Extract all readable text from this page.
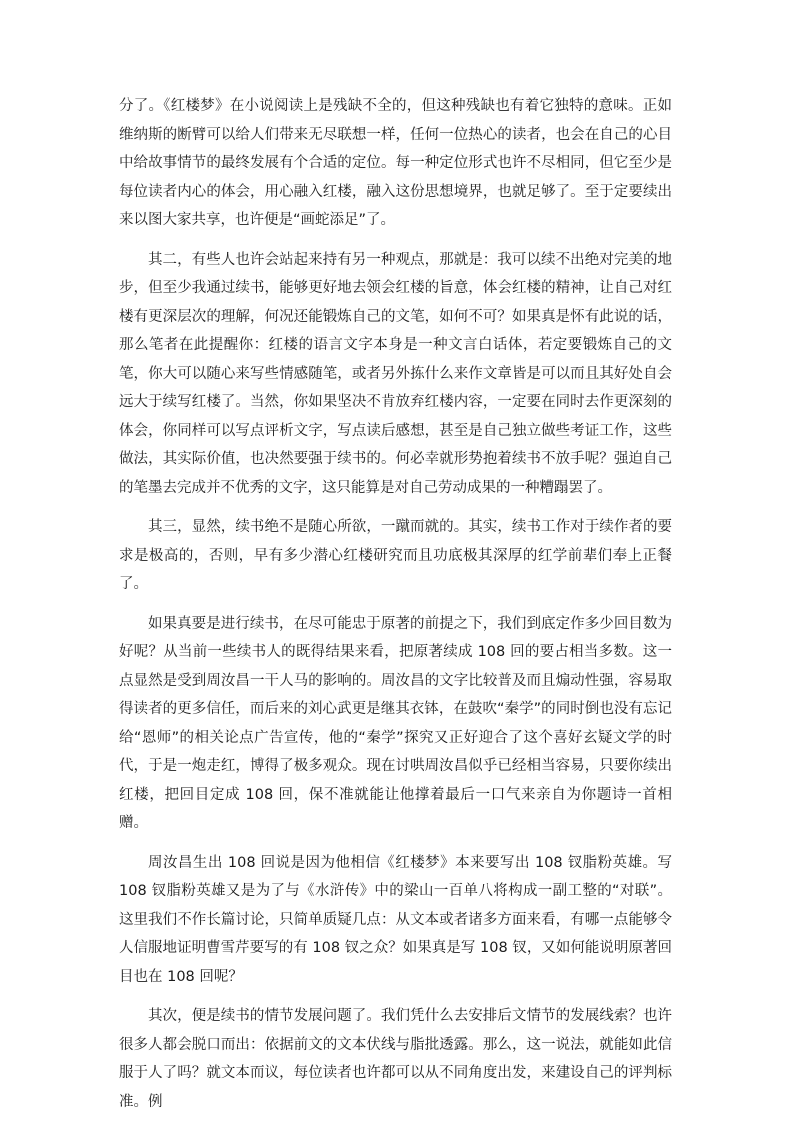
分了。《红楼梦》在小说阅读上是残缺不全的，但这种残缺也有着它独特的意味。正如维纳斯的断臂可以给人们带来无尽联想一样，任何一位热心的读者，也会在自己的心目中给故事情节的最终发展有个合适的定位。每一种定位形式也许不尽相同，但它至少是每位读者内心的体会，用心融入红楼，融入这份思想境界，也就足够了。至于定要续出来以图大家共享，也许便是“画蛇添足”了。

其二，有些人也许会站起来持有另一种观点，那就是：我可以续不出绝对完美的地步，但至少我通过续书，能够更好地去领会红楼的旨意，体会红楼的精神，让自己对红楼有更深层次的理解，何况还能锻炼自己的文笔，如何不可？如果真是怀有此说的话，那么笔者在此提醒你：红楼的语言文字本身是一种文言白话体，若定要锻炼自己的文笔，你大可以随心来写些情感随笔，或者另外拣什么来作文章皆是可以而且其好处自会远大于续写红楼了。当然，你如果坚决不肯放弃红楼内容，一定要在同时去作更深刻的体会，你同样可以写点评析文字，写点读后感想，甚至是自己独立做些考证工作，这些做法，其实际价值，也决然要强于续书的。何必幸就形势抱着续书不放手呢？强迫自己的笔墨去完成并不优秀的文字，这只能算是对自己劳动成果的一种糟蹋罢了。

其三，显然，续书绝不是随心所欲，一蹴而就的。其实，续书工作对于续作者的要求是极高的，否则，早有多少潜心红楼研究而且功底极其深厚的红学前辈们奉上正餐了。

如果真要是进行续书，在尽可能忠于原著的前提之下，我们到底定作多少回目数为好呢？从当前一些续书人的既得结果来看，把原著续成 108 回的要占相当多数。这一点显然是受到周汝昌一干人马的影响的。周汝昌的文字比较普及而且煽动性强，容易取得读者的更多信任，而后来的刘心武更是继其衣钵，在鼓吹“秦学”的同时倒也没有忘记给“恩师”的相关论点广告宣传，他的“秦学”探究又正好迎合了这个喜好玄疑文学的时代，于是一炮走红，博得了极多观众。现在讨哄周汝昌似乎已经相当容易，只要你续出红楼，把回目定成 108 回，保不准就能让他撑着最后一口气来亲自为你题诗一首相赠。

周汝昌生出 108 回说是因为他相信《红楼梦》本来要写出 108 钗脂粉英雄。写 108 钗脂粉英雄又是为了与《水浒传》中的梁山一百单八将构成一副工整的“对联”。这里我们不作长篇讨论，只简单质疑几点：从文本或者诸多方面来看，有哪一点能够令人信服地证明曹雪芹要写的有 108 钗之众？如果真是写 108 钗，又如何能说明原著回目也在 108 回呢？

其次，便是续书的情节发展问题了。我们凭什么去安排后文情节的发展线索？也许很多人都会脱口而出：依据前文的文本伏线与脂批透露。那么，这一说法，就能如此信服于人了吗？就文本而议，每位读者也许都可以从不同角度出发，来建设自己的评判标准。例
